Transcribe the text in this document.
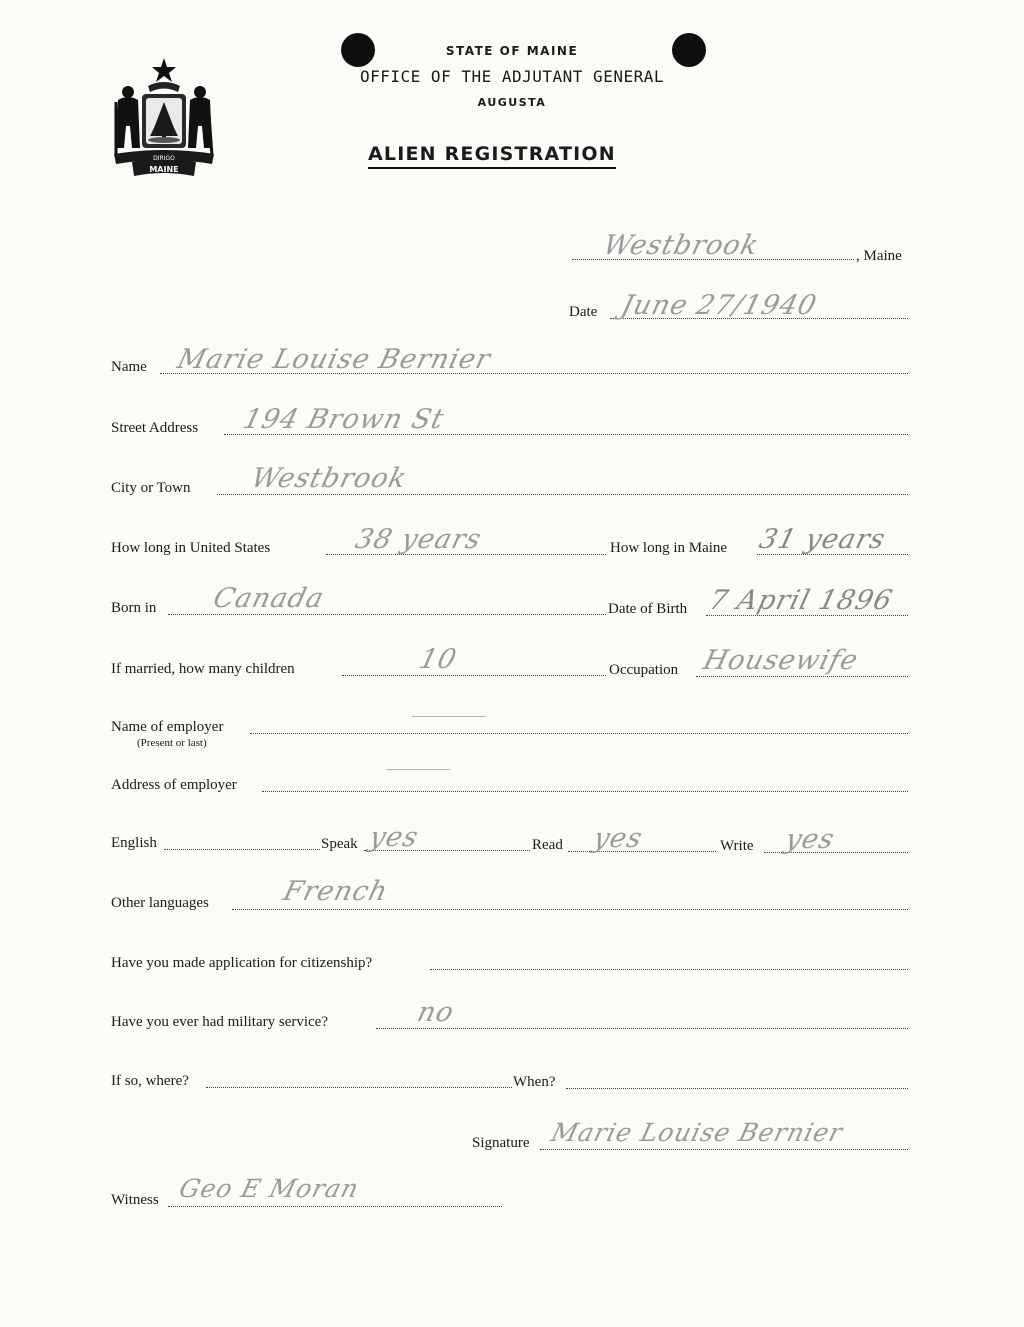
DIRIGO
MAINE
STATE OF MAINE
OFFICE OF THE ADJUTANT GENERAL
AUGUSTA
ALIEN REGISTRATION
Westbrook	, Maine
Date June 27/1940
Name Marie Louise Bernier
Street Address 194 Brown St
City or Town Westbrook
How long in United States	38 years	How long in Maine 31 years
Born in Canada	Date of Birth 7 April 1896
If married, how many children	10	Occupation Housewife
Name of employer
(Present or last)
Address of employer
English	Speak yes	Read yes	Write yes
Other languages	French
Have you made application for citizenship?
Have you ever had military service?	no
If so, where?	When?
Signature Marie Louise Bernier
Witness Geo E Moran
